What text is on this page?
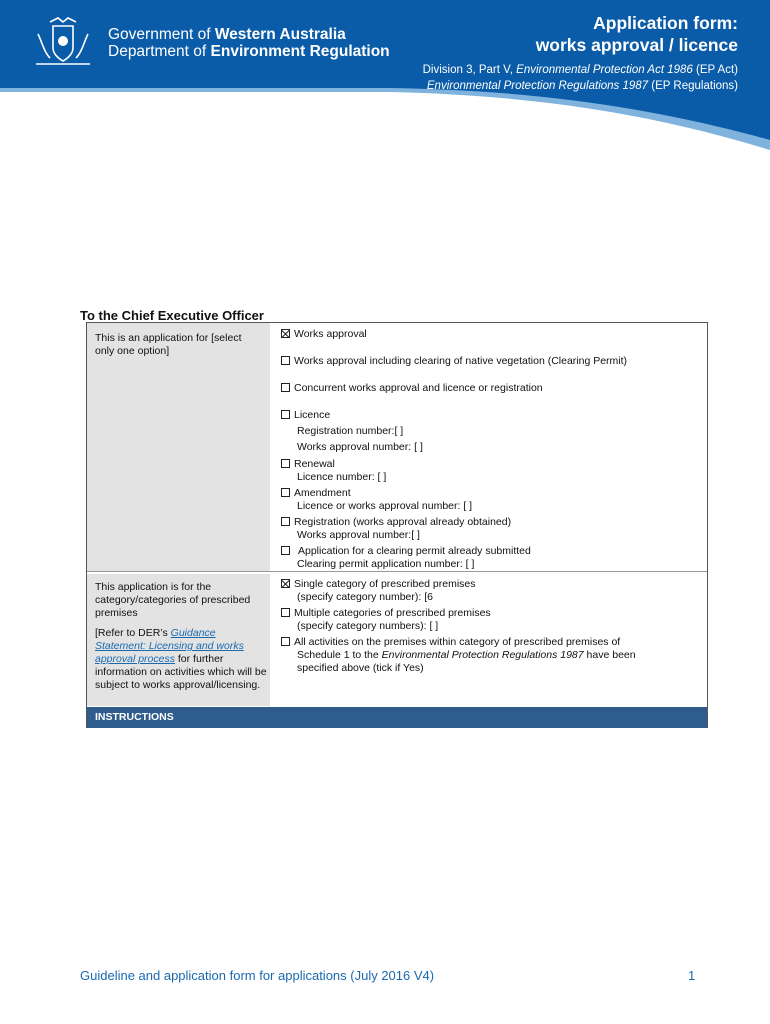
Government of Western Australia
Department of Environment Regulation
Application form:
works approval / licence
Division 3, Part V, Environmental Protection Act 1986 (EP Act)
Environmental Protection Regulations 1987 (EP Regulations)
To the Chief Executive Officer
This is an application for [select only one option]
This application is for the category/categories of prescribed premises
[Refer to DER’s Guidance Statement: Licensing and works approval process for further information on activities which will be subject to works approval/licensing.
Works approval
Works approval including clearing of native vegetation (Clearing Permit)
Concurrent works approval and licence or registration
Licence
Registration number:[ ]
Works approval number: [ ]
Renewal
Licence number: [ ]
Amendment
Licence or works approval number: [ ]
Registration (works approval already obtained)
Works approval number:[ ]
Application for a clearing permit already submitted
Clearing permit application number: [ ]
Single category of prescribed premises
(specify category number): [6
Multiple categories of prescribed premises
(specify category numbers): [ ]
All activities on the premises within category of prescribed premises of
Schedule 1 to the Environmental Protection Regulations 1987 have been
specified above (tick if Yes)
INSTRUCTIONS
Guideline and application form for applications (July 2016 V4)	1
